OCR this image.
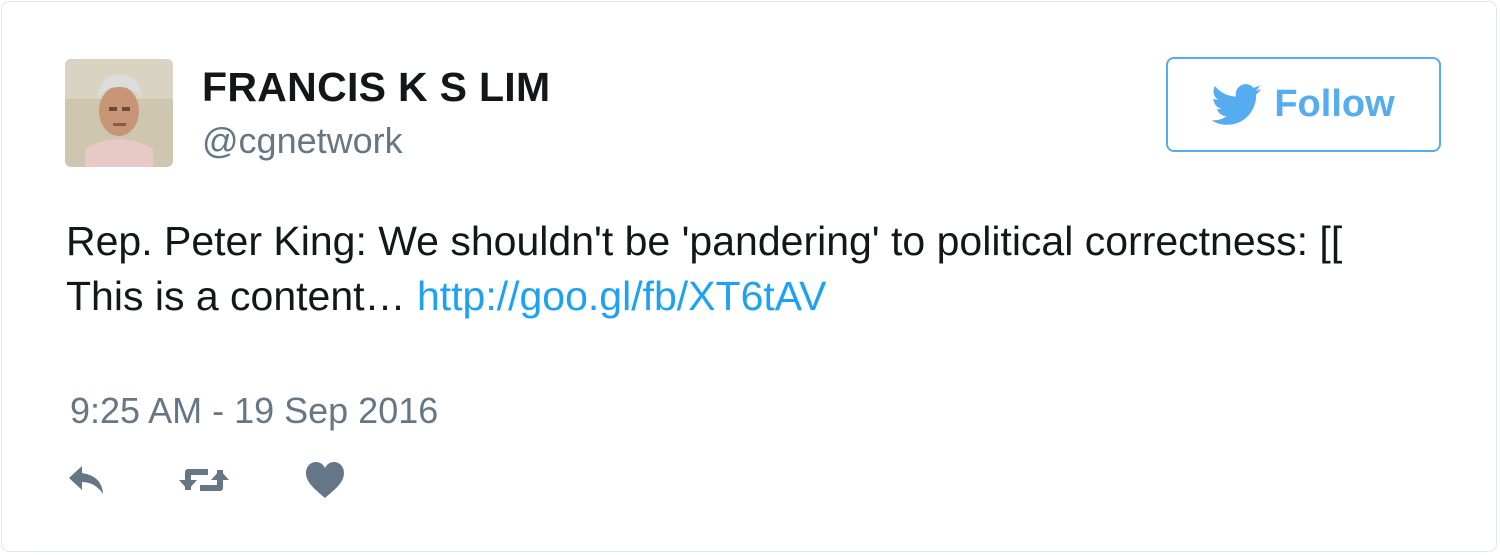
FRANCIS K S LIM
@cgnetwork
Follow
Rep. Peter King: We shouldn't be 'pandering' to political correctness: [[ This is a content… http://goo.gl/fb/XT6tAV
9:25 AM - 19 Sep 2016
